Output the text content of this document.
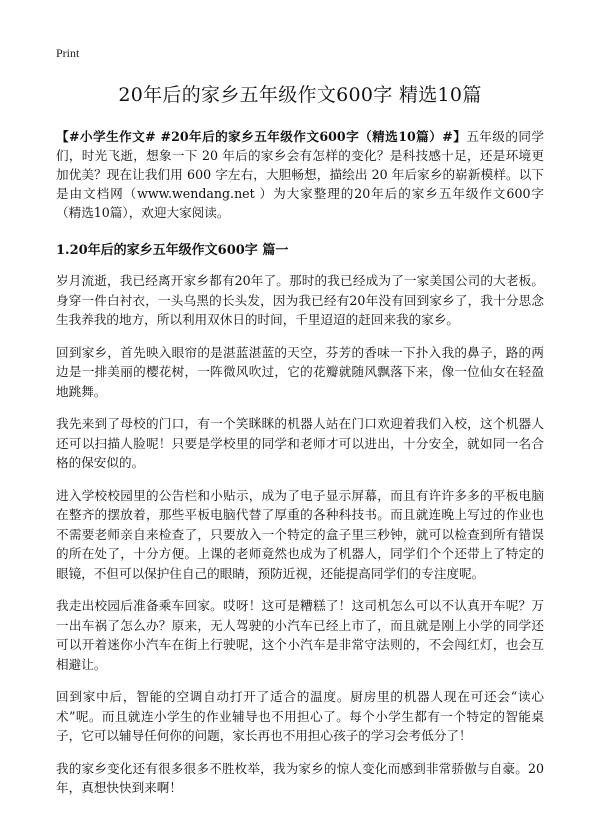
Print
20年后的家乡五年级作文600字 精选10篇
【#小学生作文# #20年后的家乡五年级作文600字（精选10篇）#】五年级的同学们，时光飞逝，想象一下 20 年后的家乡会有怎样的变化？是科技感十足，还是环境更加优美？现在让我们用 600 字左右，大胆畅想，描绘出 20 年后家乡的崭新模样。以下是由文档网（www.wendang.net ）为大家整理的20年后的家乡五年级作文600字（精选10篇），欢迎大家阅读。
1.20年后的家乡五年级作文600字 篇一

岁月流逝，我已经离开家乡都有20年了。那时的我已经成为了一家美国公司的大老板。身穿一件白衬衣，一头乌黑的长头发，因为我已经有20年没有回到家乡了，我十分思念生我养我的地方，所以利用双休日的时间，千里迢迢的赶回来我的家乡。

回到家乡，首先映入眼帘的是湛蓝湛蓝的天空，芬芳的香味一下扑入我的鼻子，路的两边是一排美丽的樱花树，一阵微风吹过，它的花瓣就随风飘落下来，像一位仙女在轻盈地跳舞。

我先来到了母校的门口，有一个笑眯眯的机器人站在门口欢迎着我们入校，这个机器人还可以扫描人脸呢！只要是学校里的同学和老师才可以进出，十分安全，就如同一名合格的保安似的。

进入学校校园里的公告栏和小贴示，成为了电子显示屏幕，而且有许许多多的平板电脑在整齐的摆放着，那些平板电脑代替了厚重的各种科技书。而且就连晚上写过的作业也不需要老师亲自来检查了，只要放入一个特定的盒子里三秒钟，就可以检查到所有错误的所在处了，十分方便。上课的老师竟然也成为了机器人，同学们个个还带上了特定的眼镜，不但可以保护住自己的眼睛，预防近视，还能提高同学们的专注度呢。

我走出校园后准备乘车回家。哎呀！这可是糟糕了！这司机怎么可以不认真开车呢？万一出车祸了怎么办？原来，无人驾驶的小汽车已经上市了，而且就是刚上小学的同学还可以开着迷你小汽车在街上行驶呢，这个小汽车是非常守法则的，不会闯红灯，也会互相避让。

回到家中后，智能的空调自动打开了适合的温度。厨房里的机器人现在可还会“读心术”呢。而且就连小学生的作业辅导也不用担心了。每个小学生都有一个特定的智能桌子，它可以辅导任何你的问题，家长再也不用担心孩子的学习会考低分了！

我的家乡变化还有很多很多不胜枚举，我为家乡的惊人变化而感到非常骄傲与自豪。20年，真想快快到来啊！
